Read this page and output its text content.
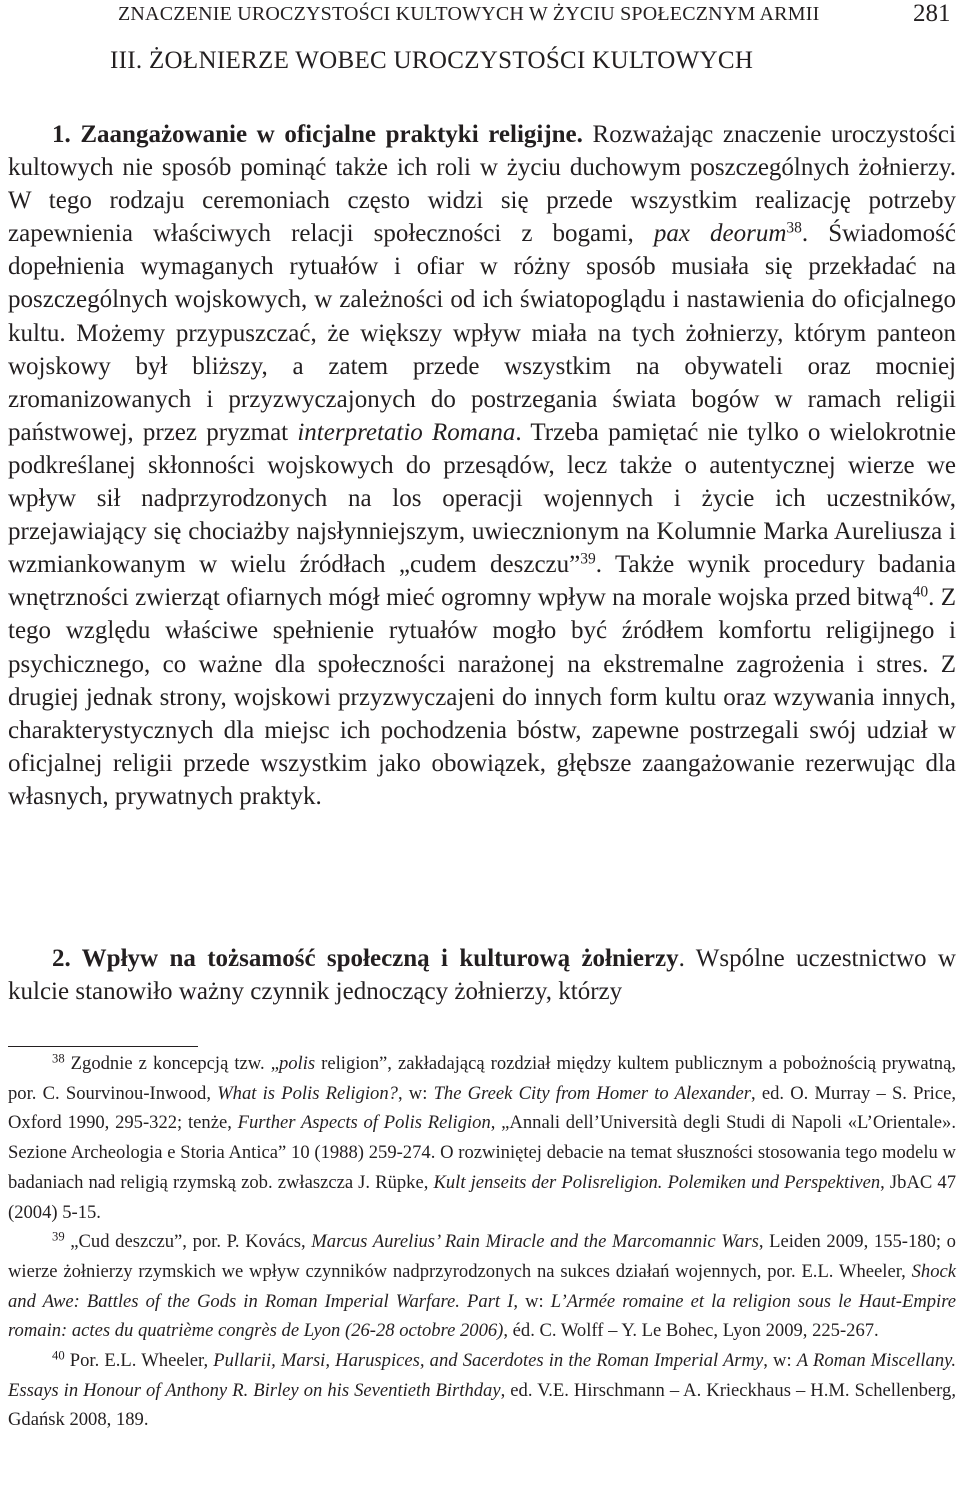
ZNACZENIE UROCZYSTOŚCI KULTOWYCH W ŻYCIU SPOŁECZNYM ARMII	281
III. ŻOŁNIERZE WOBEC UROCZYSTOŚCI KULTOWYCH

1. Zaangażowanie w oficjalne praktyki religijne. Rozważając znaczenie uroczystości kultowych nie sposób pominąć także ich roli w życiu duchowym poszczególnych żołnierzy. W tego rodzaju ceremoniach często widzi się przede wszystkim realizację potrzeby zapewnienia właściwych relacji społeczności z bogami, pax deorum$^{38}$. Świadomość dopełnienia wymaganych rytuałów i ofiar w różny sposób musiała się przekładać na poszczególnych wojskowych, w zależności od ich światopoglądu i nastawienia do oficjalnego kultu. Możemy przypuszczać, że większy wpływ miała na tych żołnierzy, którym panteon wojskowy był bliższy, a zatem przede wszystkim na obywateli oraz mocniej zromanizowanych i przyzwyczajonych do postrzegania świata bogów w ramach religii państwowej, przez pryzmat interpretatio Romana. Trzeba pamiętać nie tylko o wielokrotnie podkreślanej skłonności wojskowych do przesądów, lecz także o autentycznej wierze we wpływ sił nadprzyrodzonych na los operacji wojennych i życie ich uczestników, przejawiający się chociażby najsłynniejszym, uwiecznionym na Kolumnie Marka Aureliusza i wzmiankowanym w wielu źródłach „cudem deszczu”$^{39}$. Także wynik procedury badania wnętrzności zwierząt ofiarnych mógł mieć ogromny wpływ na morale wojska przed bitwą$^{40}$. Z tego względu właściwe spełnienie rytuałów mogło być źródłem komfortu religijnego i psychicznego, co ważne dla społeczności narażonej na ekstremalne zagrożenia i stres. Z drugiej jednak strony, wojskowi przyzwyczajeni do innych form kultu oraz wzywania innych, charakterystycznych dla miejsc ich pochodzenia bóstw, zapewne postrzegali swój udział w oficjalnej religii przede wszystkim jako obowiązek, głębsze zaangażowanie rezerwując dla własnych, prywatnych praktyk.

2. Wpływ na tożsamość społeczną i kulturową żołnierzy. Wspólne uczestnictwo w kulcie stanowiło ważny czynnik jednoczący żołnierzy, którzy

$^{38}$ Zgodnie z koncepcją tzw. „polis religion”, zakładającą rozdział między kultem publicznym a pobożnością prywatną, por. C. Sourvinou-Inwood, What is Polis Religion?, w: The Greek City from Homer to Alexander, ed. O. Murray – S. Price, Oxford 1990, 295-322; tenże, Further Aspects of Polis Religion, „Annali dell’Università degli Studi di Napoli «L’Orientale». Sezione Archeologia e Storia Antica” 10 (1988) 259-274. O rozwiniętej debacie na temat słuszności stosowania tego modelu w badaniach nad religią rzymską zob. zwłaszcza J. Rüpke, Kult jenseits der Polisreligion. Polemiken und Perspektiven, JbAC 47 (2004) 5-15.

$^{39}$ „Cud deszczu”, por. P. Kovács, Marcus Aurelius’ Rain Miracle and the Marcomannic Wars, Leiden 2009, 155-180; o wierze żołnierzy rzymskich we wpływ czynników nadprzyrodzonych na sukces działań wojennych, por. E.L. Wheeler, Shock and Awe: Battles of the Gods in Roman Imperial Warfare. Part I, w: L’Armée romaine et la religion sous le Haut-Empire romain: actes du quatrième congrès de Lyon (26-28 octobre 2006), éd. C. Wolff – Y. Le Bohec, Lyon 2009, 225-267.

$^{40}$ Por. E.L. Wheeler, Pullarii, Marsi, Haruspices, and Sacerdotes in the Roman Imperial Army, w: A Roman Miscellany. Essays in Honour of Anthony R. Birley on his Seventieth Birthday, ed. V.E. Hirschmann – A. Krieckhaus – H.M. Schellenberg, Gdańsk 2008, 189.
